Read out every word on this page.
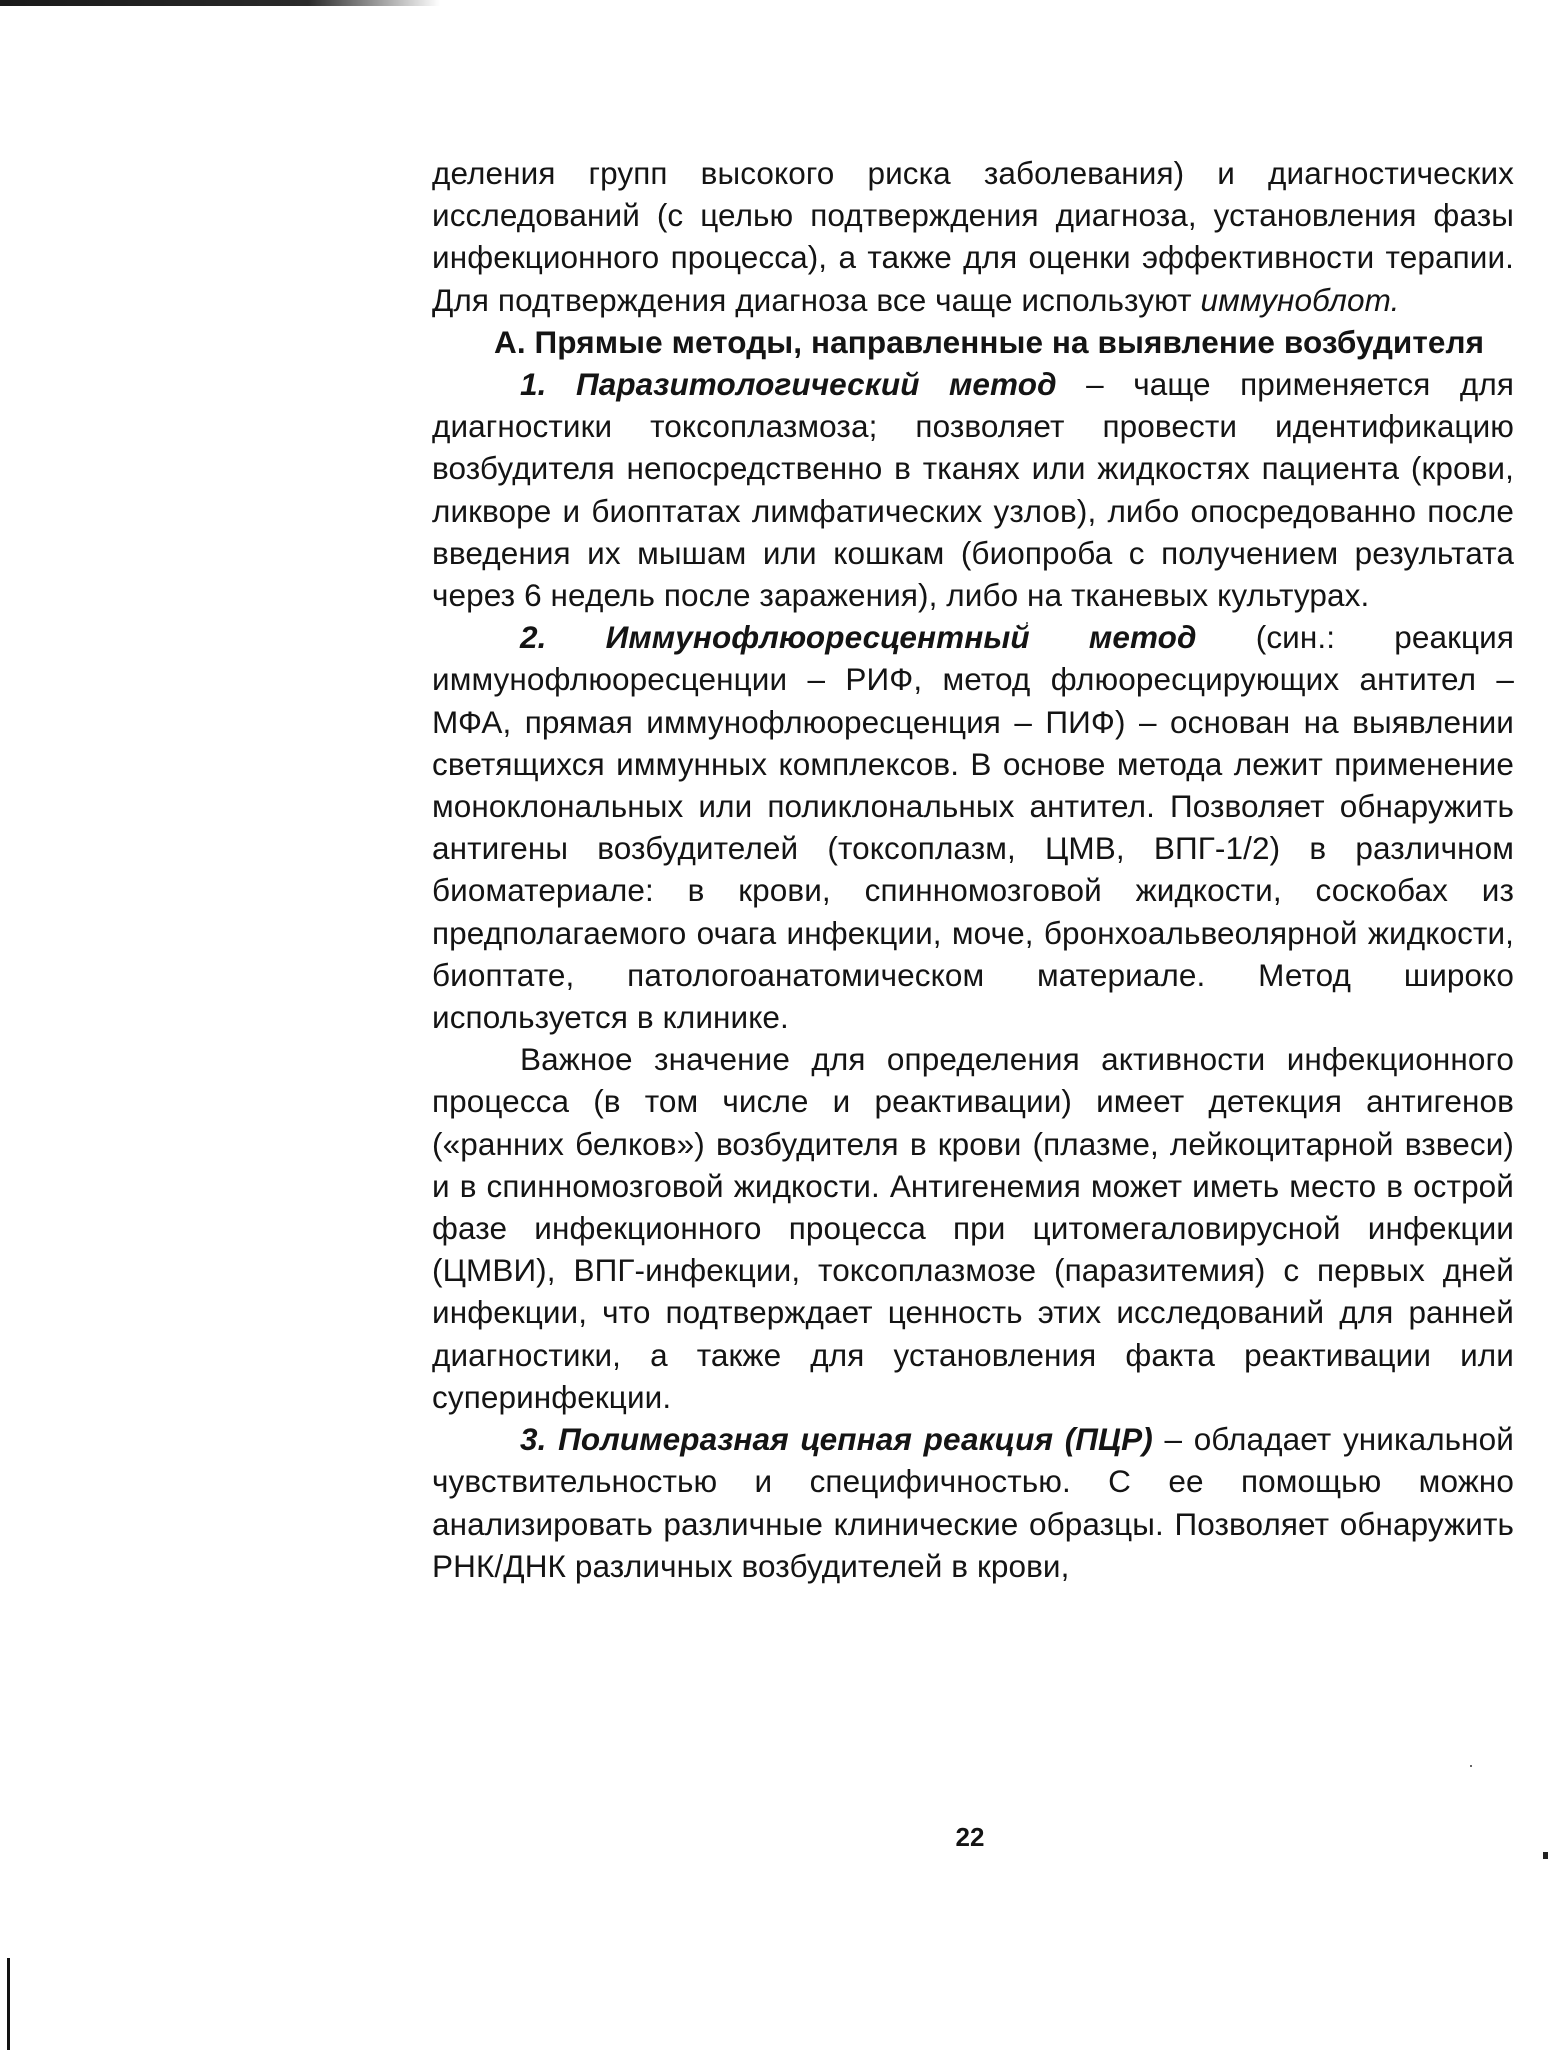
деления групп высокого риска заболевания) и диагностических исследований (с целью подтверждения диагноза, установления фазы инфекционного процесса), а также для оценки эффективности терапии. Для подтверждения диагноза все чаще используют иммуноблот.

А. Прямые методы, направленные на выявление возбудителя

1. Паразитологический метод – чаще применяется для диагностики токсоплазмоза; позволяет провести идентификацию возбудителя непосредственно в тканях или жидкостях пациента (крови, ликворе и биоптатах лимфатических узлов), либо опосредованно после введения их мышам или кошкам (биопроба с получением результата через 6 недель после заражения), либо на тканевых культурах.

2. Иммунофлюоресцентный метод (син.: реакция иммунофлюоресценции – РИФ, метод флюоресцирующих антител – МФА, прямая иммунофлюоресценция – ПИФ) – основан на выявлении светящихся иммунных комплексов. В основе метода лежит применение моноклональных или поликлональных антител. Позволяет обнаружить антигены возбудителей (токсоплазм, ЦМВ, ВПГ-1/2) в различном биоматериале: в крови, спинномозговой жидкости, соскобах из предполагаемого очага инфекции, моче, бронхоальвеолярной жидкости, биоптате, патологоанатомическом материале. Метод широко используется в клинике.

Важное значение для определения активности инфекционного процесса (в том числе и реактивации) имеет детекция антигенов («ранних белков») возбудителя в крови (плазме, лейкоцитарной взвеси) и в спинномозговой жидкости. Антигенемия может иметь место в острой фазе инфекционного процесса при цитомегаловирусной инфекции (ЦМВИ), ВПГ-инфекции, токсоплазмозе (паразитемия) с первых дней инфекции, что подтверждает ценность этих исследований для ранней диагностики, а также для установления факта реактивации или суперинфекции.

3. Полимеразная цепная реакция (ПЦР) – обладает уникальной чувствительностью и специфичностью. С ее помощью можно анализировать различные клинические образцы. Позволяет обнаружить РНК/ДНК различных возбудителей в крови,

22
